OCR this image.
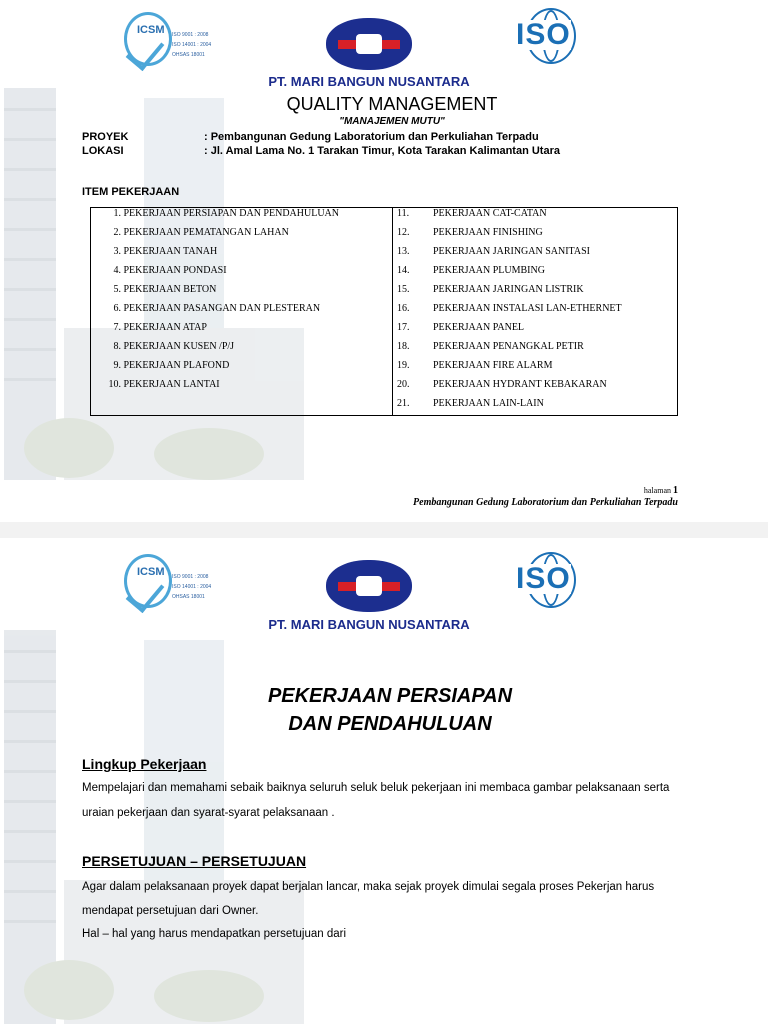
ICSM ISO 9001 : 2008
ISO 14001 : 2004
OHSAS 18001
ISO
PT. MARI BANGUN NUSANTARA
QUALITY MANAGEMENT
"MANAJEMEN MUTU"
PROYEK	: Pembangunan Gedung Laboratorium dan Perkuliahan Terpadu
LOKASI	: Jl. Amal Lama No. 1 Tarakan Timur, Kota Tarakan Kalimantan Utara
ITEM PEKERJAAN
1. PEKERJAAN PERSIAPAN DAN PENDAHULUAN
2. PEKERJAAN PEMATANGAN LAHAN
3. PEKERJAAN TANAH
4. PEKERJAAN PONDASI
5. PEKERJAAN BETON
6. PEKERJAAN PASANGAN DAN PLESTERAN
7. PEKERJAAN ATAP
8. PEKERJAAN KUSEN /P/J
9. PEKERJAAN PLAFOND
10. PEKERJAAN LANTAI
11. PEKERJAAN CAT-CATAN
12. PEKERJAAN FINISHING
13. PEKERJAAN JARINGAN SANITASI
14. PEKERJAAN PLUMBING
15. PEKERJAAN JARINGAN LISTRIK
16. PEKERJAAN INSTALASI LAN-ETHERNET
17. PEKERJAAN PANEL
18. PEKERJAAN PENANGKAL PETIR
19. PEKERJAAN FIRE ALARM
20. PEKERJAAN HYDRANT KEBAKARAN
21. PEKERJAAN LAIN-LAIN
halaman 1
Pembangunan Gedung Laboratorium dan Perkuliahan Terpadu
ICSM ISO 9001 : 2008
ISO 14001 : 2004
OHSAS 18001
ISO
PT. MARI BANGUN NUSANTARA
PEKERJAAN PERSIAPAN
DAN PENDAHULUAN
Lingkup Pekerjaan
Mempelajari dan memahami sebaik baiknya seluruh seluk beluk pekerjaan ini membaca gambar pelaksanaan serta
uraian pekerjaan dan syarat-syarat pelaksanaan .
PERSETUJUAN – PERSETUJUAN
Agar dalam pelaksanaan proyek dapat berjalan lancar, maka sejak proyek dimulai segala proses Pekerjan harus
mendapat persetujuan dari Owner.
Hal – hal yang harus mendapatkan persetujuan dari
